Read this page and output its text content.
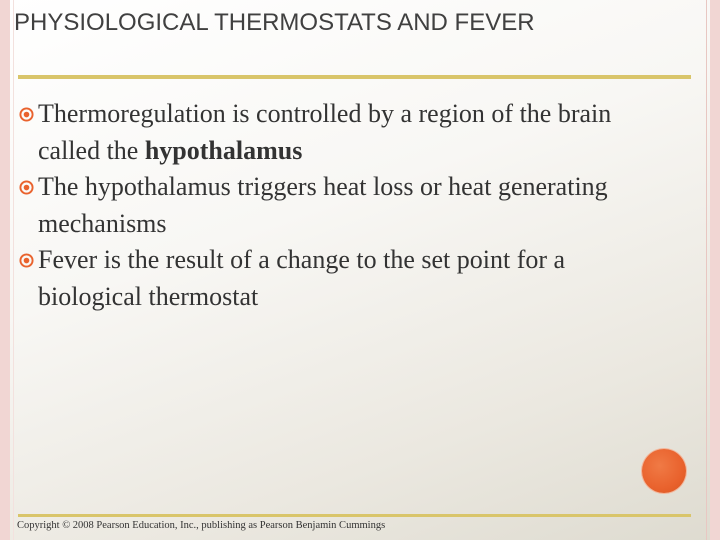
PHYSIOLOGICAL THERMOSTATS AND FEVER

Thermoregulation is controlled by a region of the brain called the hypothalamus

The hypothalamus triggers heat loss or heat generating mechanisms

Fever is the result of a change to the set point for a biological thermostat

Copyright © 2008 Pearson Education, Inc., publishing as Pearson Benjamin Cummings
